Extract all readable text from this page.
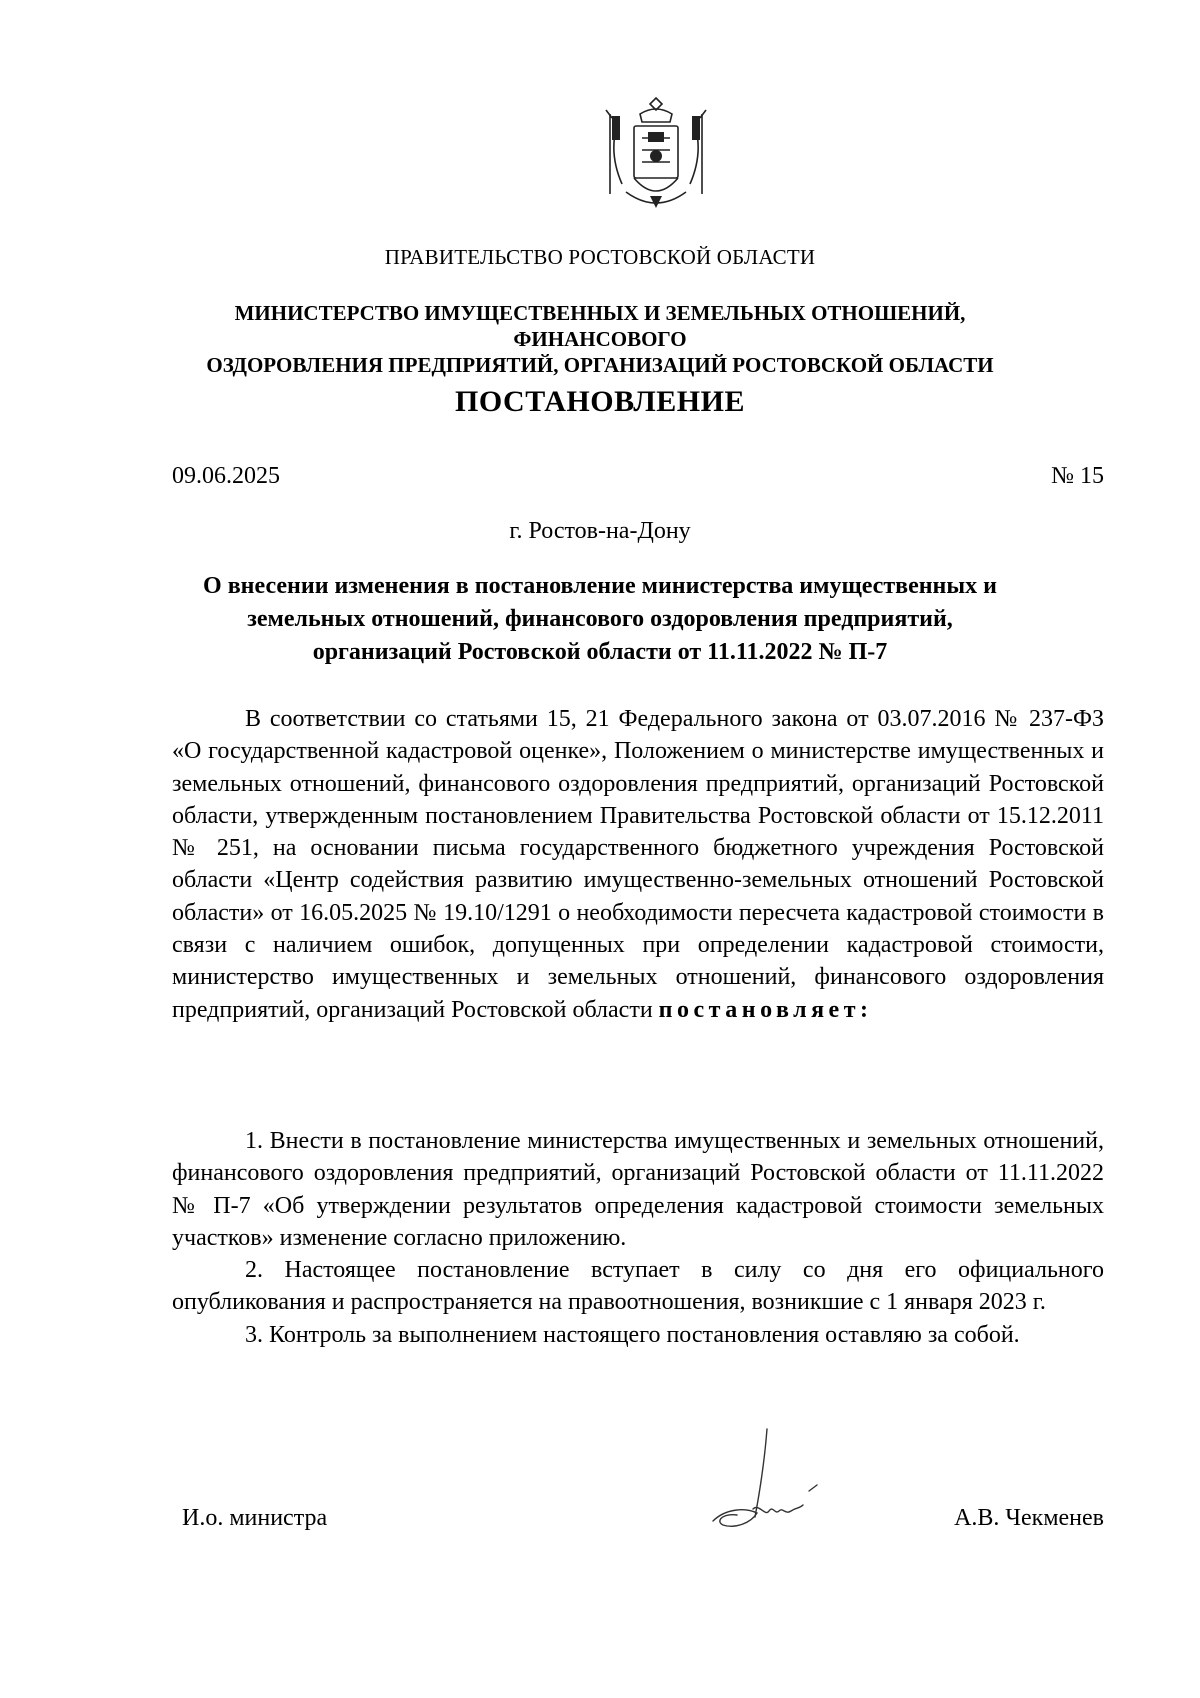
ПРАВИТЕЛЬСТВО РОСТОВСКОЙ ОБЛАСТИ
МИНИСТЕРСТВО ИМУЩЕСТВЕННЫХ И ЗЕМЕЛЬНЫХ ОТНОШЕНИЙ, ФИНАНСОВОГО
ОЗДОРОВЛЕНИЯ ПРЕДПРИЯТИЙ, ОРГАНИЗАЦИЙ РОСТОВСКОЙ ОБЛАСТИ
ПОСТАНОВЛЕНИЕ
09.06.2025	№ 15
г. Ростов-на-Дону
О внесении изменения в постановление министерства имущественных и
земельных отношений, финансового оздоровления предприятий,
организаций Ростовской области от 11.11.2022 № П-7

В соответствии со статьями 15, 21 Федерального закона от 03.07.2016 № 237-ФЗ «О государственной кадастровой оценке», Положением о министерстве имущественных и земельных отношений, финансового оздоровления предприятий, организаций Ростовской области, утвержденным постановлением Правительства Ростовской области от 15.12.2011 № 251, на основании письма государственного бюджетного учреждения Ростовской области «Центр содействия развитию имущественно-земельных отношений Ростовской области» от 16.05.2025 № 19.10/1291 о необходимости пересчета кадастровой стоимости в связи с наличием ошибок, допущенных при определении кадастровой стоимости, министерство имущественных и земельных отношений, финансового оздоровления предприятий, организаций Ростовской области постановляет:

1. Внести в постановление министерства имущественных и земельных отношений, финансового оздоровления предприятий, организаций Ростовской области от 11.11.2022 № П-7 «Об утверждении результатов определения кадастровой стоимости земельных участков» изменение согласно приложению.

2. Настоящее постановление вступает в силу со дня его официального опубликования и распространяется на правоотношения, возникшие с 1 января 2023 г.

3. Контроль за выполнением настоящего постановления оставляю за собой.

И.о. министра	А.В. Чекменев
